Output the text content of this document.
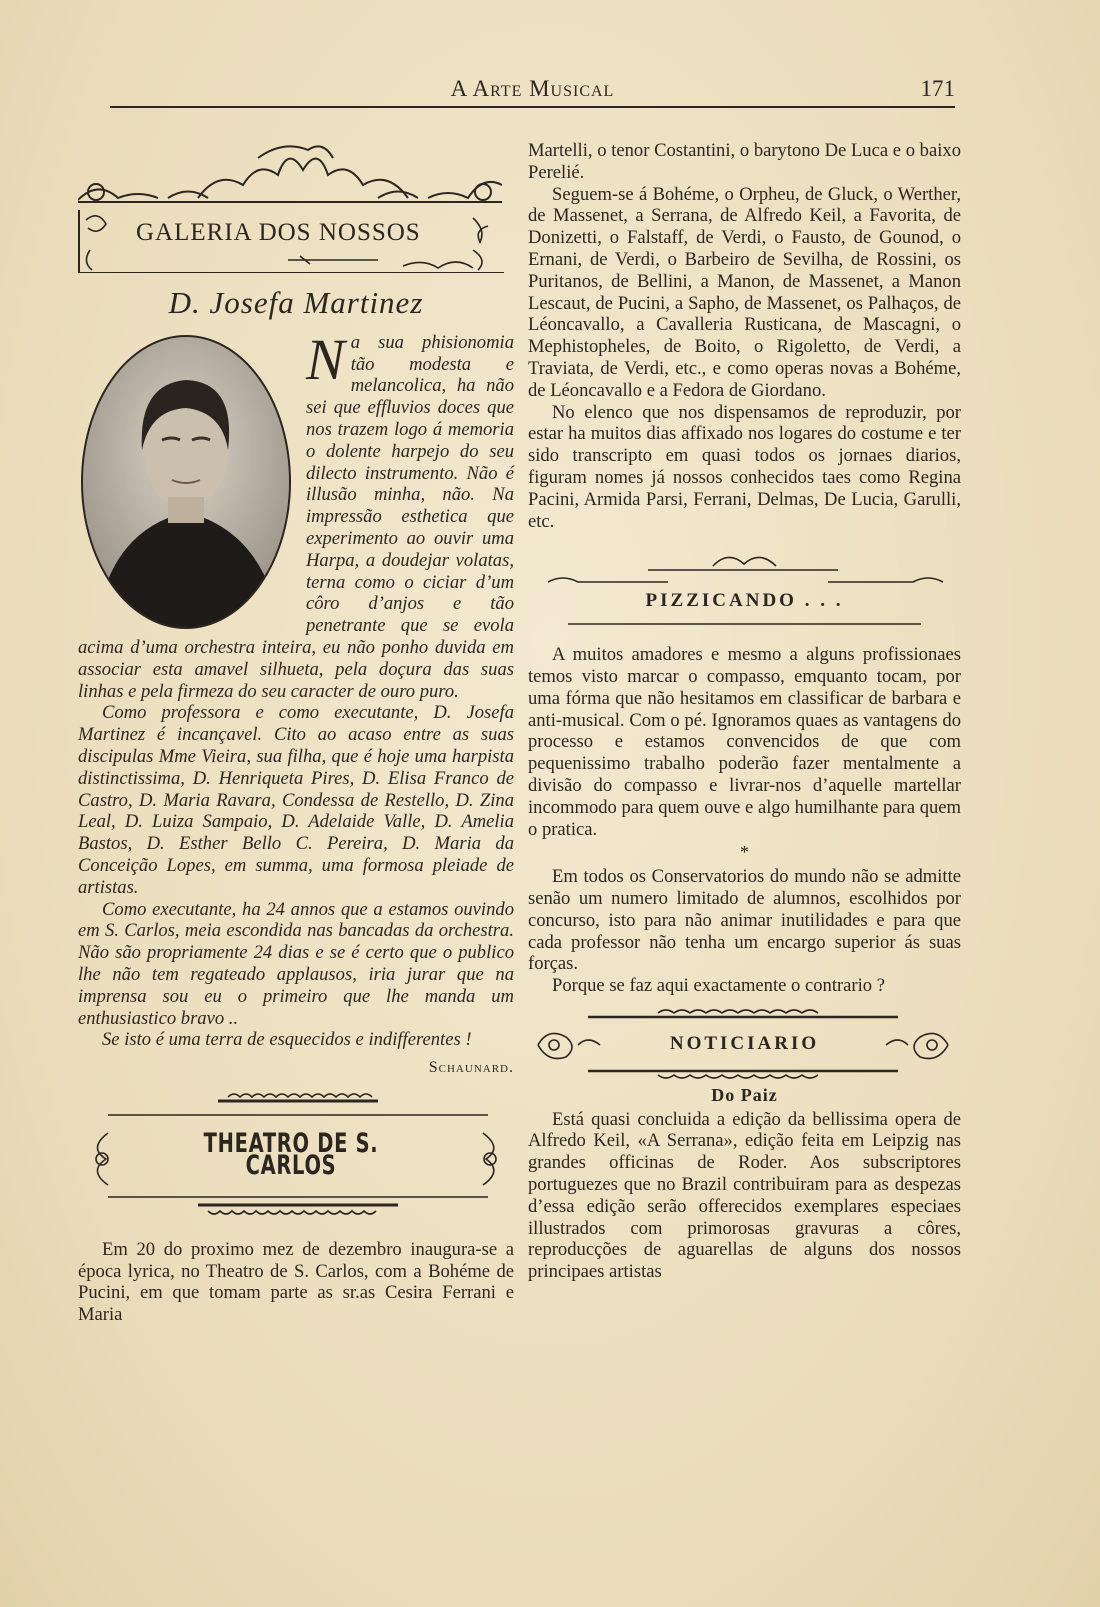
A Arte Musical	171
GALERIA DOS NOSSOS
D. Josefa Martinez

Na sua phisionomia tão modesta e melancolica, ha não sei que effluvios doces que nos trazem logo á memoria o dolente harpejo do seu dilecto instrumento. Não é illusão minha, não. Na impressão esthetica que experimento ao ouvir uma Harpa, a doudejar volatas, terna como o ciciar d’um côro d’anjos e tão penetrante que se evola acima d’uma orchestra inteira, eu não ponho duvida em associar esta amavel silhueta, pela doçura das suas linhas e pela firmeza do seu caracter de ouro puro.

Como professora e como executante, D. Josefa Martinez é incançavel. Cito ao acaso entre as suas discipulas Mme Vieira, sua filha, que é hoje uma harpista distinctissima, D. Henriqueta Pires, D. Elisa Franco de Castro, D. Maria Ravara, Condessa de Restello, D. Zina Leal, D. Luiza Sampaio, D. Adelaide Valle, D. Amelia Bastos, D. Esther Bello C. Pereira, D. Maria da Conceição Lopes, em summa, uma formosa pleiade de artistas.

Como executante, ha 24 annos que a estamos ouvindo em S. Carlos, meia escondida nas bancadas da orchestra. Não são propriamente 24 dias e se é certo que o publico lhe não tem regateado applausos, iria jurar que na imprensa sou eu o primeiro que lhe manda um enthusiastico bravo ..

Se isto é uma terra de esquecidos e indifferentes !

Schaunard.
THEATRO DE S. CARLOS

Em 20 do proximo mez de dezembro inaugura-se a época lyrica, no Theatro de S. Carlos, com a Bohéme de Pucini, em que tomam parte as sr.as Cesira Ferrani e Maria

Martelli, o tenor Costantini, o barytono De Luca e o baixo Perelié.

Seguem-se á Bohéme, o Orpheu, de Gluck, o Werther, de Massenet, a Serrana, de Alfredo Keil, a Favorita, de Donizetti, o Falstaff, de Verdi, o Fausto, de Gounod, o Ernani, de Verdi, o Barbeiro de Sevilha, de Rossini, os Puritanos, de Bellini, a Manon, de Massenet, a Manon Lescaut, de Pucini, a Sapho, de Massenet, os Palhaços, de Léoncavallo, a Cavalleria Rusticana, de Mascagni, o Mephistopheles, de Boito, o Rigoletto, de Verdi, a Traviata, de Verdi, etc., e como operas novas a Bohéme, de Léoncavallo e a Fedora de Giordano.

No elenco que nos dispensamos de reproduzir, por estar ha muitos dias affixado nos logares do costume e ter sido transcripto em quasi todos os jornaes diarios, figuram nomes já nossos conhecidos taes como Regina Pacini, Armida Parsi, Ferrani, Delmas, De Lucia, Garulli, etc.

PIZZICANDO . . .

A muitos amadores e mesmo a alguns profissionaes temos visto marcar o compasso, emquanto tocam, por uma fórma que não hesitamos em classificar de barbara e anti-musical. Com o pé. Ignoramos quaes as vantagens do processo e estamos convencidos de que com pequenissimo trabalho poderão fazer mentalmente a divisão do compasso e livrar-nos d’aquelle martellar incommodo para quem ouve e algo humilhante para quem o pratica.

*

Em todos os Conservatorios do mundo não se admitte senão um numero limitado de alumnos, escolhidos por concurso, isto para não animar inutilidades e para que cada professor não tenha um encargo superior ás suas forças.

Porque se faz aqui exactamente o contrario ?

NOTICIARIO
Do Paiz

Está quasi concluida a edição da bellissima opera de Alfredo Keil, «A Serrana», edição feita em Leipzig nas grandes officinas de Roder. Aos subscriptores portuguezes que no Brazil contribuiram para as despezas d’essa edição serão offerecidos exemplares especiaes illustrados com primorosas gravuras a côres, reproducções de aguarellas de alguns dos nossos principaes artistas
